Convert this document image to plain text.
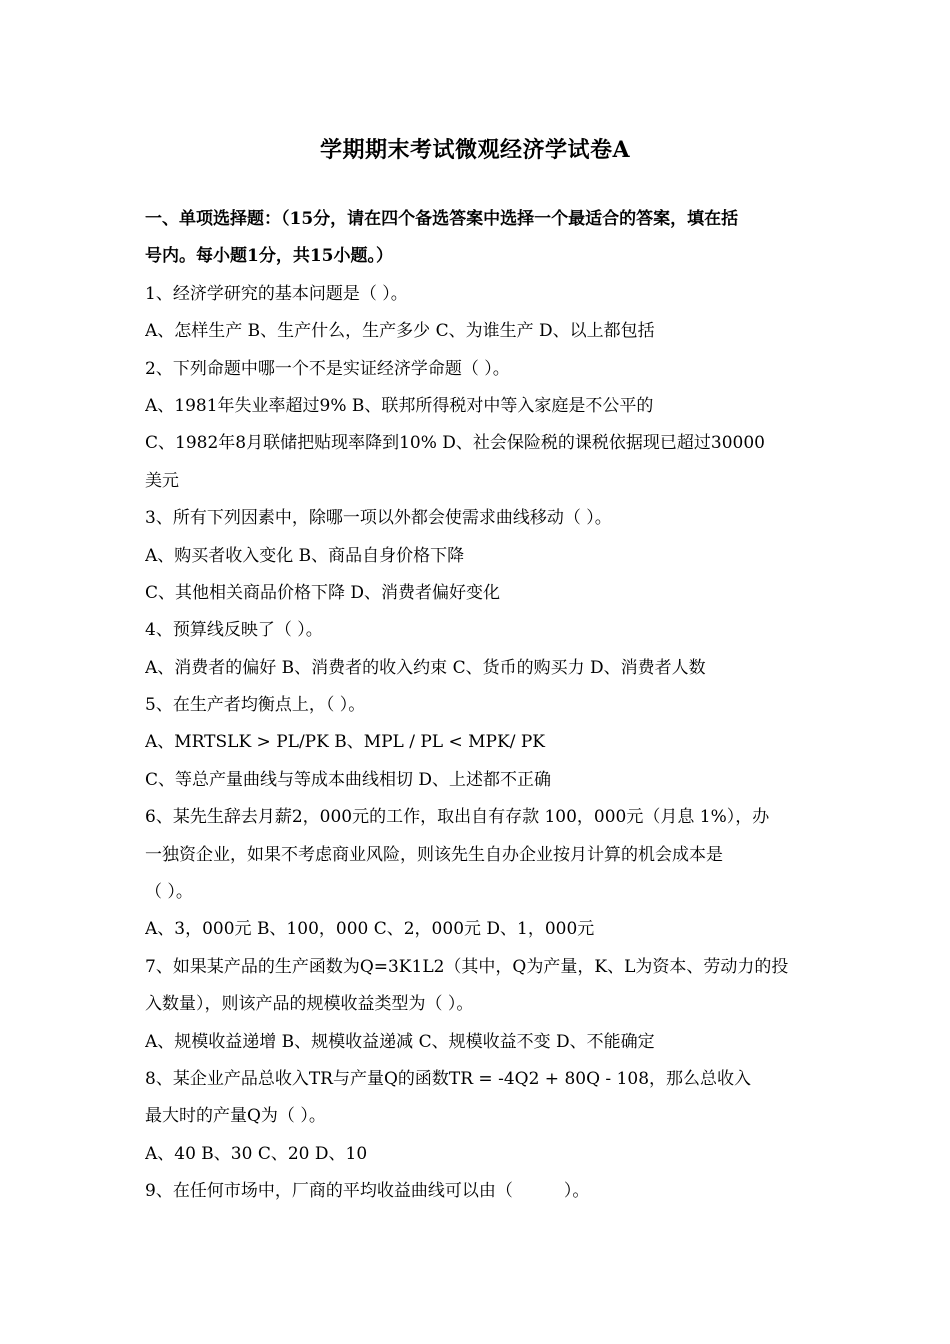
学期期末考试微观经济学试卷A
一、单项选择题：（15分，请在四个备选答案中选择一个最适合的答案，填在括
号内。每小题1分，共15小题。）
1、经济学研究的基本问题是（ ）。
A、怎样生产 B、生产什么，生产多少 C、为谁生产 D、以上都包括
2、下列命题中哪一个不是实证经济学命题（ ）。
A、1981年失业率超过9% B、联邦所得税对中等入家庭是不公平的
C、1982年8月联储把贴现率降到10% D、社会保险税的课税依据现已超过30000
美元
3、所有下列因素中，除哪一项以外都会使需求曲线移动（ ）。
A、购买者收入变化 B、商品自身价格下降
C、其他相关商品价格下降 D、消费者偏好变化
4、预算线反映了（ ）。
A、消费者的偏好 B、消费者的收入约束 C、货币的购买力 D、消费者人数
5、在生产者均衡点上，（ ）。
A、MRTSLK > PL/PK B、MPL / PL < MPK/ PK
C、等总产量曲线与等成本曲线相切 D、上述都不正确
6、某先生辞去月薪2，000元的工作，取出自有存款 100，000元（月息 1%），办
一独资企业，如果不考虑商业风险，则该先生自办企业按月计算的机会成本是
（ ）。
A、3，000元 B、100，000 C、2，000元 D、1，000元
7、如果某产品的生产函数为Q=3K1L2（其中，Q为产量，K、L为资本、劳动力的投
入数量），则该产品的规模收益类型为（ ）。
A、规模收益递增 B、规模收益递减 C、规模收益不变 D、不能确定
8、某企业产品总收入TR与产量Q的函数TR = -4Q2 + 80Q - 108，那么总收入
最大时的产量Q为（ ）。
A、40 B、30 C、20 D、10
9、在任何市场中，厂商的平均收益曲线可以由（　　　）。
